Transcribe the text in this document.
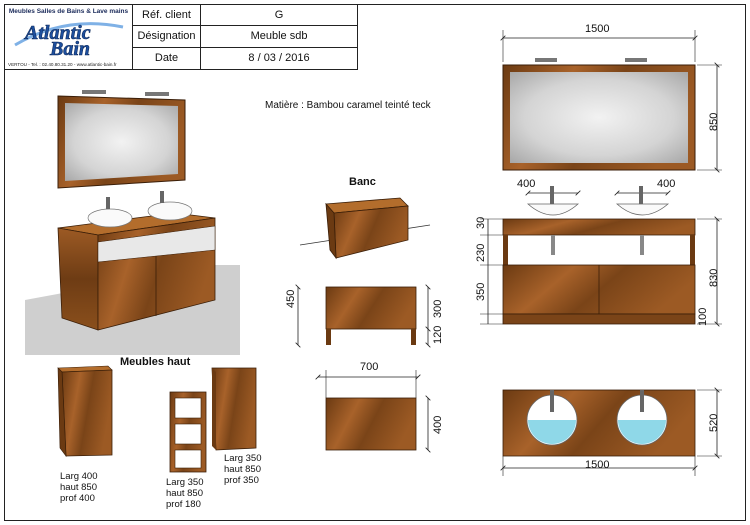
Meubles Salles de Bains & Lave mains
Atlantic
Bain
VERTOU - Tel. : 02.40.80.31.20 - www.atlantic-bain.fr
Réf. client	G
Désignation	Meuble sdb
Date	8 / 03 / 2016
Matière : Bambou caramel teinté teck
Banc
450
300
120
700
400
Meubles haut
Larg 400
haut 850
prof 400
Larg 350
haut 850
prof 180
Larg 350
haut 850
prof 350
1500
850
400	400
30
230
350
100
830
1500
520
